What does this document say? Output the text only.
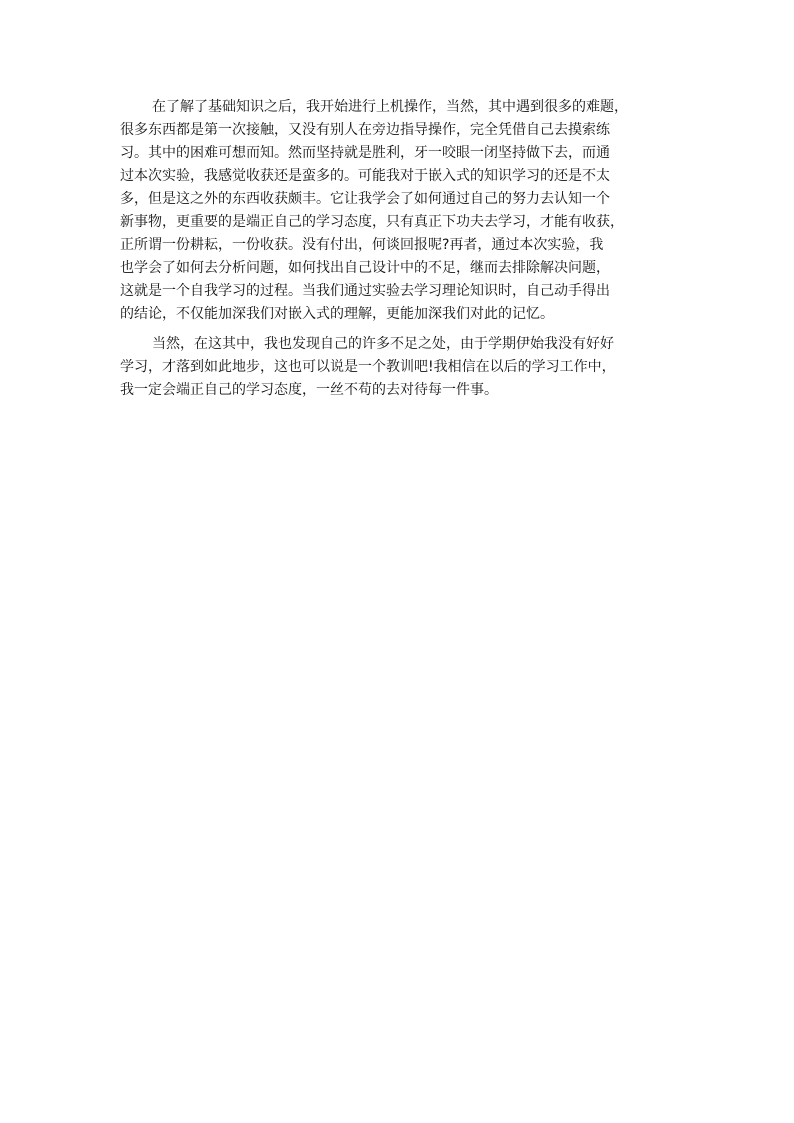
在了解了基础知识之后，我开始进行上机操作，当然，其中遇到很多的难题，
很多东西都是第一次接触，又没有别人在旁边指导操作，完全凭借自己去摸索练
习。其中的困难可想而知。然而坚持就是胜利，牙一咬眼一闭坚持做下去，而通
过本次实验，我感觉收获还是蛮多的。可能我对于嵌入式的知识学习的还是不太
多，但是这之外的东西收获颇丰。它让我学会了如何通过自己的努力去认知一个
新事物，更重要的是端正自己的学习态度，只有真正下功夫去学习，才能有收获，
正所谓一份耕耘，一份收获。没有付出，何谈回报呢?再者，通过本次实验，我
也学会了如何去分析问题，如何找出自己设计中的不足，继而去排除解决问题，
这就是一个自我学习的过程。当我们通过实验去学习理论知识时，自己动手得出
的结论，不仅能加深我们对嵌入式的理解，更能加深我们对此的记忆。
当然，在这其中，我也发现自己的许多不足之处，由于学期伊始我没有好好
学习，才落到如此地步，这也可以说是一个教训吧!我相信在以后的学习工作中，
我一定会端正自己的学习态度，一丝不苟的去对待每一件事。
